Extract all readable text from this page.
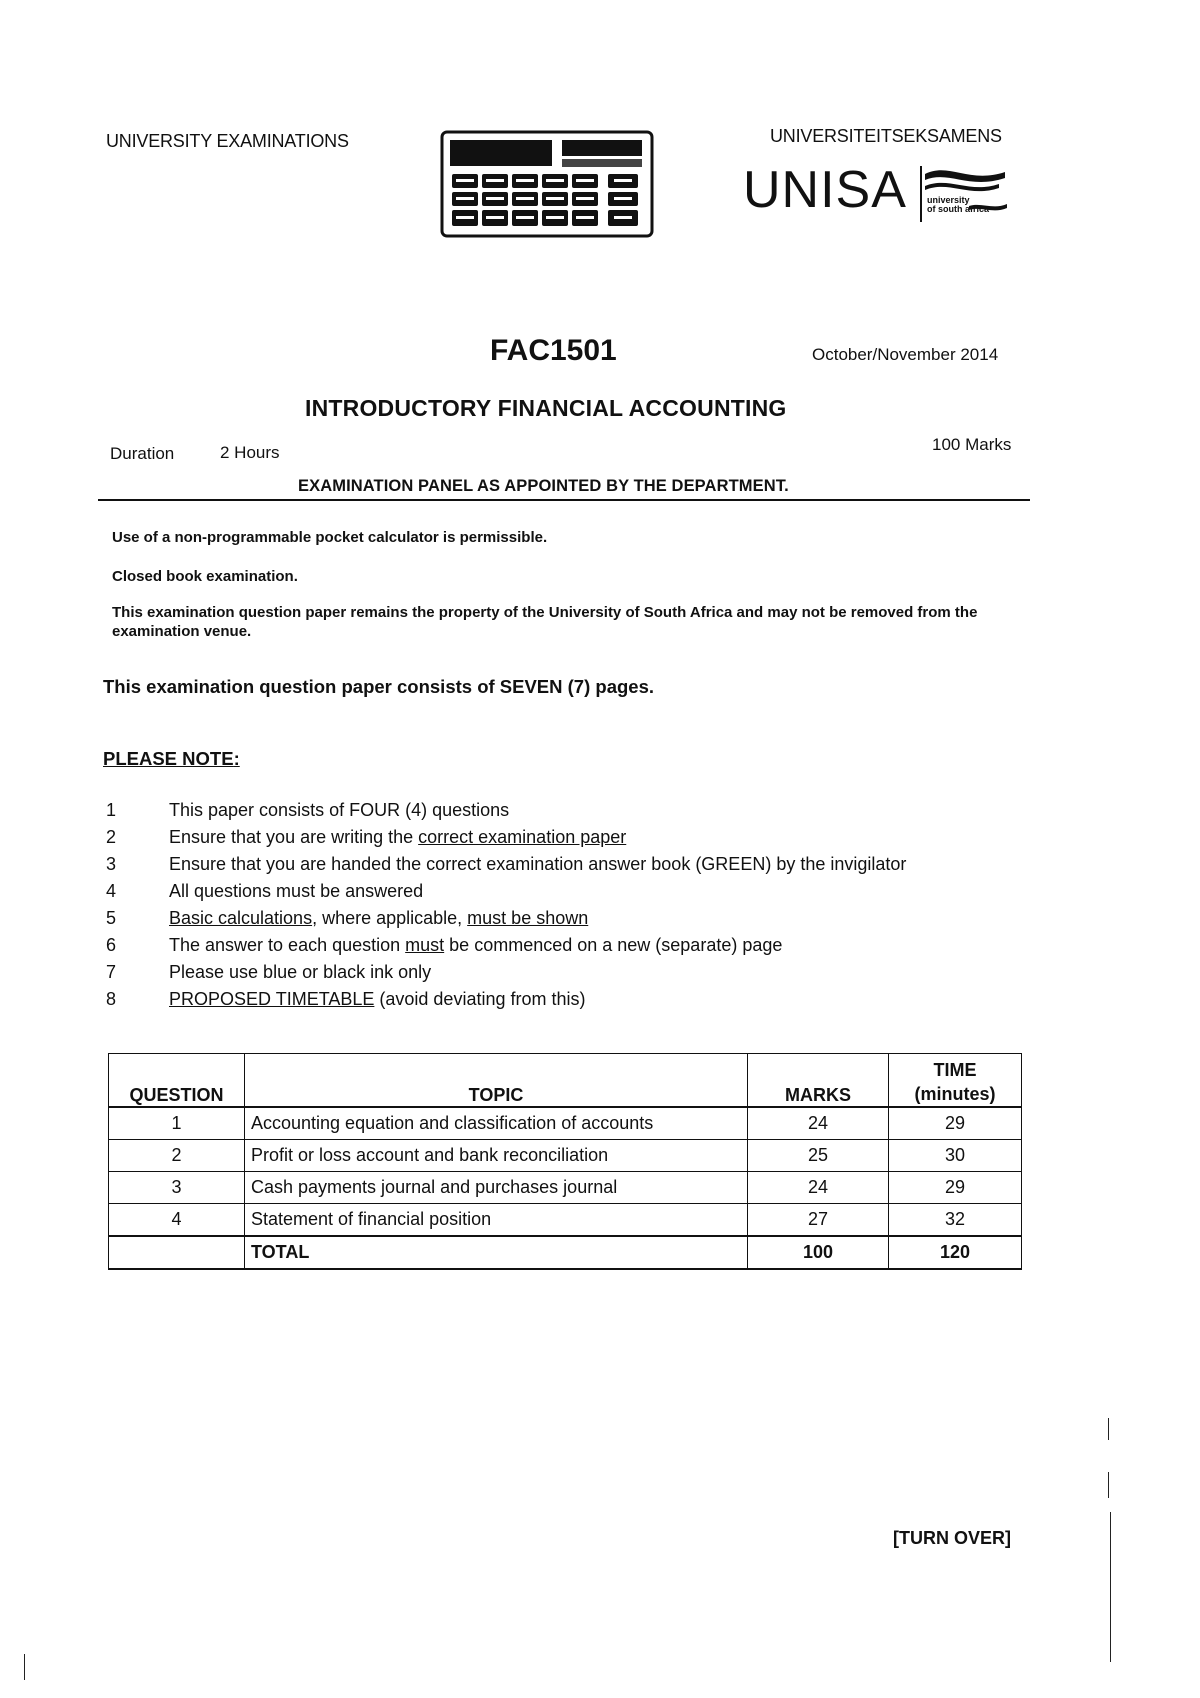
UNIVERSITY EXAMINATIONS	UNIVERSITEITSEKSAMENS
UNISA university
of south africa
FAC1501	October/November 2014
INTRODUCTORY FINANCIAL ACCOUNTING
Duration	2 Hours	100 Marks
EXAMINATION PANEL AS APPOINTED BY THE DEPARTMENT.
Use of a non-programmable pocket calculator is permissible.
Closed book examination.
This examination question paper remains the property of the University of South Africa and may not be removed from the examination venue.
This examination question paper consists of SEVEN (7) pages.
PLEASE NOTE:
1	This paper consists of FOUR (4) questions
2	Ensure that you are writing the correct examination paper
3	Ensure that you are handed the correct examination answer book (GREEN) by the invigilator
4	All questions must be answered
5	Basic calculations, where applicable, must be shown
6	The answer to each question must be commenced on a new (separate) page
7	Please use blue or black ink only
8	PROPOSED TIMETABLE (avoid deviating from this)
QUESTION	TOPIC	MARKS	TIME
(minutes)

1	Accounting equation and classification of accounts	24	29
2	Profit or loss account and bank reconciliation	25	30
3	Cash payments journal and purchases journal	24	29
4	Statement of financial position	27	32
	TOTAL	100	120
[TURN OVER]
